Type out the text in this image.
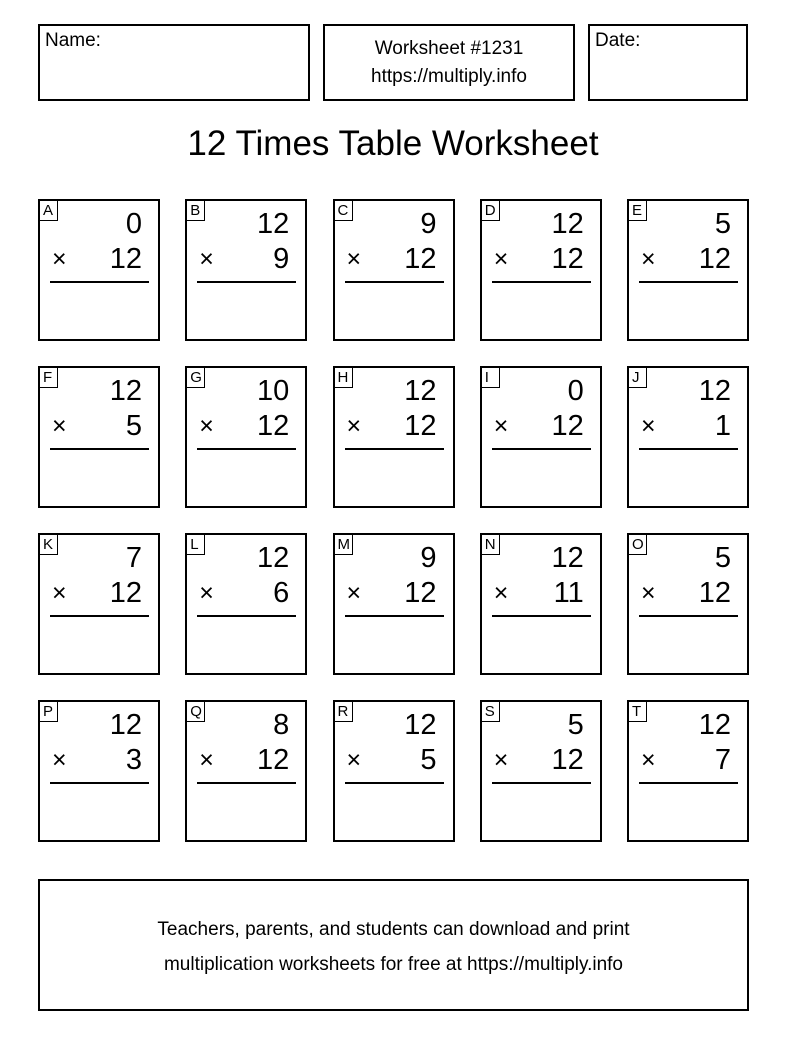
Name:	Worksheet #1231
https://multiply.info
Date:
12 Times Table Worksheet
A	0
× 12
B 12
× 9
C 9
× 12
D 12
× 12
E	5
× 12
F 12
× 5
G 10
× 12
H 12
× 12
I	0
× 12
J 12
× 1
K	7
× 12
L 12
× 6
M 9
× 12
N 12
× 11
O 5
× 12
P 12
× 3
Q 8
× 12
R 12
× 5
S	5
× 12
T 12
× 7
Teachers, parents, and students can download and print
multiplication worksheets for free at https://multiply.info
